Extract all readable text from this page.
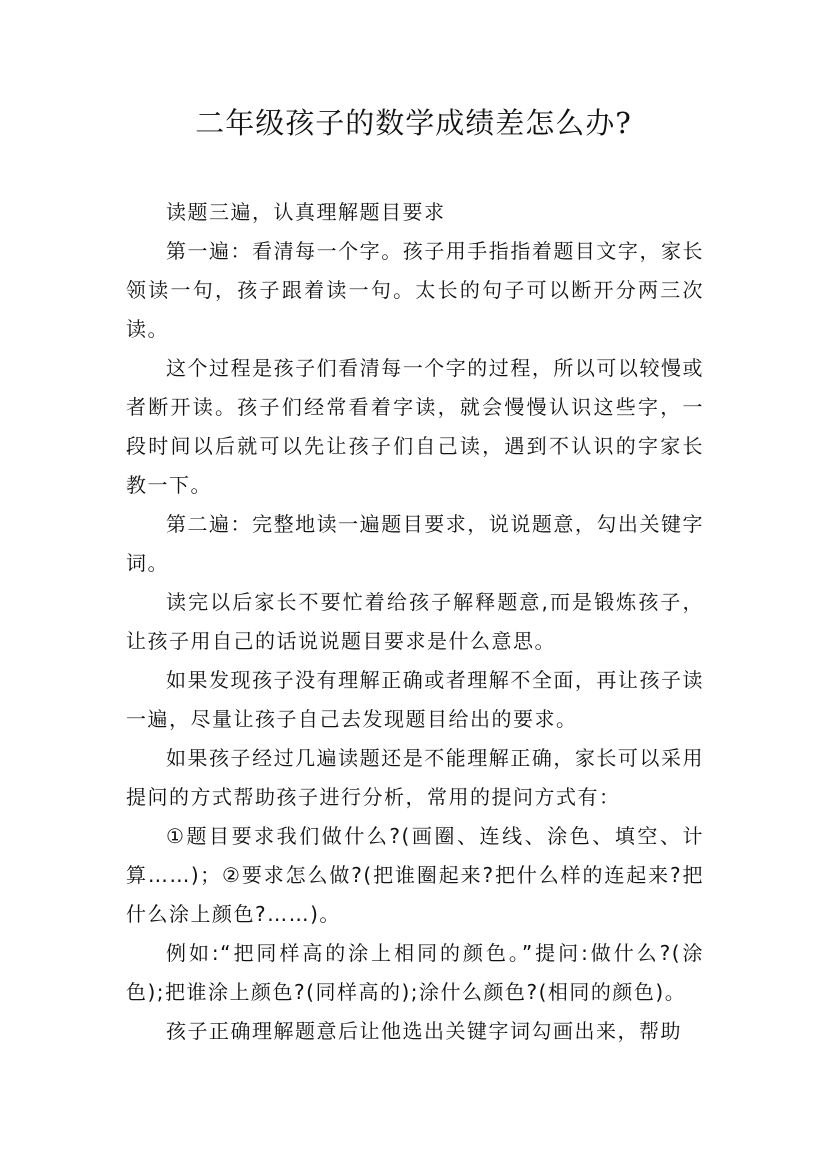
二年级孩子的数学成绩差怎么办?

读题三遍，认真理解题目要求

第一遍：看清每一个字。孩子用手指指着题目文字，家长领读一句，孩子跟着读一句。太长的句子可以断开分两三次读。

这个过程是孩子们看清每一个字的过程，所以可以较慢或者断开读。孩子们经常看着字读，就会慢慢认识这些字，一段时间以后就可以先让孩子们自己读，遇到不认识的字家长教一下。

第二遍：完整地读一遍题目要求，说说题意，勾出关键字词。

读完以后家长不要忙着给孩子解释题意,而是锻炼孩子，让孩子用自己的话说说题目要求是什么意思。

如果发现孩子没有理解正确或者理解不全面，再让孩子读一遍，尽量让孩子自己去发现题目给出的要求。

如果孩子经过几遍读题还是不能理解正确，家长可以采用提问的方式帮助孩子进行分析，常用的提问方式有：

①题目要求我们做什么?(画圈、连线、涂色、填空、计算……)；②要求怎么做?(把谁圈起来?把什么样的连起来?把什么涂上颜色?……)。

例如:“把同样高的涂上相同的颜色。”提问:做什么?(涂色);把谁涂上颜色?(同样高的);涂什么颜色?(相同的颜色)。

孩子正确理解题意后让他选出关键字词勾画出来，帮助
